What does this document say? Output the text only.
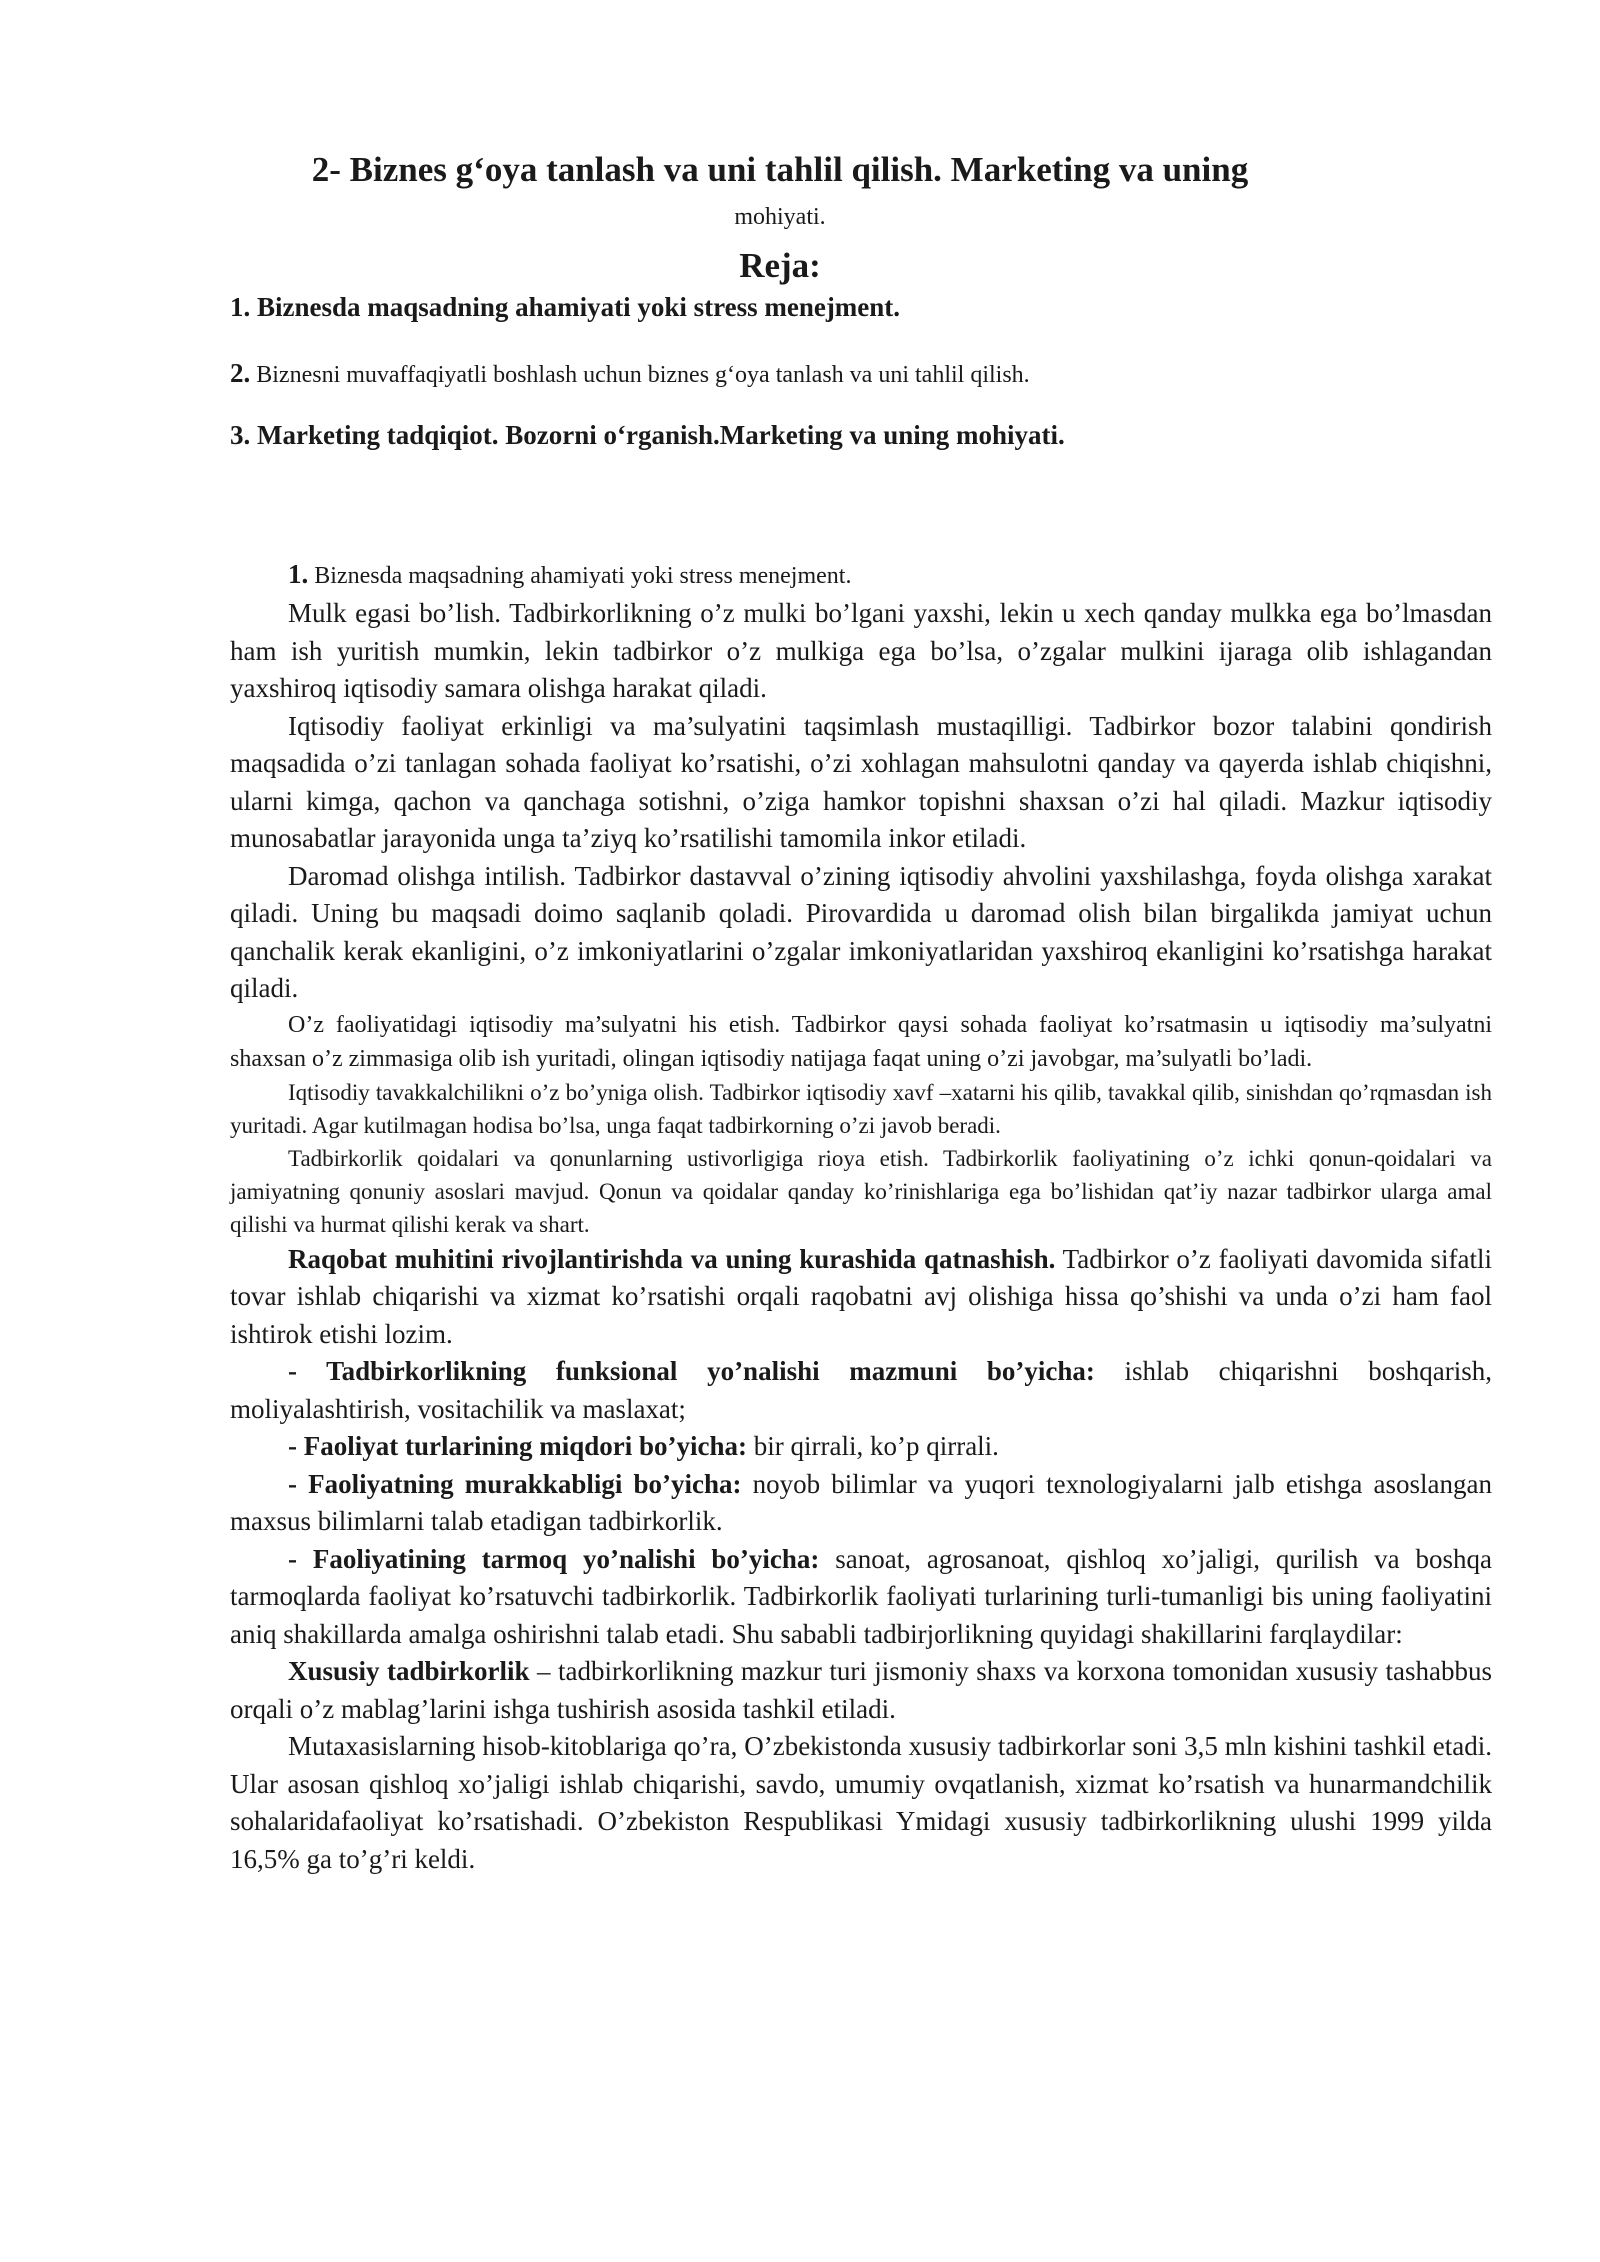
2- Biznes g‘oya tanlash va uni tahlil qilish. Marketing va uning
mohiyati.
Reja:
1. Biznesda maqsadning ahamiyati yoki stress menejment.
2. Biznesni muvaffaqiyatli boshlash uchun biznes g‘oya tanlash va uni tahlil qilish.
3. Marketing tadqiqiot. Bozorni o‘rganish.Marketing va uning mohiyati.

1. Biznesda maqsadning ahamiyati yoki stress menejment.

Mulk egasi bo’lish. Tadbirkorlikning o’z mulki bo’lgani yaxshi, lekin u xech qanday mulkka ega bo’lmasdan ham ish yuritish mumkin, lekin tadbirkor o’z mulkiga ega bo’lsa, o’zgalar mulkini ijaraga olib ishlagandan yaxshiroq iqtisodiy samara olishga harakat qiladi.

Iqtisodiy faoliyat erkinligi va ma’sulyatini taqsimlash mustaqilligi. Tadbirkor bozor talabini qondirish maqsadida o’zi tanlagan sohada faoliyat ko’rsatishi, o’zi xohlagan mahsulotni qanday va qayerda ishlab chiqishni, ularni kimga, qachon va qanchaga sotishni, o’ziga hamkor topishni shaxsan o’zi hal qiladi. Mazkur iqtisodiy munosabatlar jarayonida unga ta’ziyq ko’rsatilishi tamomila inkor etiladi.

Daromad olishga intilish. Tadbirkor dastavval o’zining iqtisodiy ahvolini yaxshilashga, foyda olishga xarakat qiladi. Uning bu maqsadi doimo saqlanib qoladi. Pirovardida u daromad olish bilan birgalikda jamiyat uchun qanchalik kerak ekanligini, o’z imkoniyatlarini o’zgalar imkoniyatlaridan yaxshiroq ekanligini ko’rsatishga harakat qiladi.

O’z faoliyatidagi iqtisodiy ma’sulyatni his etish. Tadbirkor qaysi sohada faoliyat ko’rsatmasin u iqtisodiy ma’sulyatni shaxsan o’z zimmasiga olib ish yuritadi, olingan iqtisodiy natijaga faqat uning o’zi javobgar, ma’sulyatli bo’ladi.

Iqtisodiy tavakkalchilikni o’z bo’yniga olish. Tadbirkor iqtisodiy xavf –xatarni his qilib, tavakkal qilib, sinishdan qo’rqmasdan ish yuritadi. Agar kutilmagan hodisa bo’lsa, unga faqat tadbirkorning o’zi javob beradi.

Tadbirkorlik qoidalari va qonunlarning ustivorligiga rioya etish. Tadbirkorlik faoliyatining o’z ichki qonun-qoidalari va jamiyatning qonuniy asoslari mavjud. Qonun va qoidalar qanday ko’rinishlariga ega bo’lishidan qat’iy nazar tadbirkor ularga amal qilishi va hurmat qilishi kerak va shart.

Raqobat muhitini rivojlantirishda va uning kurashida qatnashish. Tadbirkor o’z faoliyati davomida sifatli tovar ishlab chiqarishi va xizmat ko’rsatishi orqali raqobatni avj olishiga hissa qo’shishi va unda o’zi ham faol ishtirok etishi lozim.

- Tadbirkorlikning funksional yo’nalishi mazmuni bo’yicha: ishlab chiqarishni boshqarish, moliyalashtirish, vositachilik va maslaxat;

- Faoliyat turlarining miqdori bo’yicha: bir qirrali, ko’p qirrali.

- Faoliyatning murakkabligi bo’yicha: noyob bilimlar va yuqori texnologiyalarni jalb etishga asoslangan maxsus bilimlarni talab etadigan tadbirkorlik.

- Faoliyatining tarmoq yo’nalishi bo’yicha: sanoat, agrosanoat, qishloq xo’jaligi, qurilish va boshqa tarmoqlarda faoliyat ko’rsatuvchi tadbirkorlik. Tadbirkorlik faoliyati turlarining turli-tumanligi bis uning faoliyatini aniq shakillarda amalga oshirishni talab etadi. Shu sababli tadbirjorlikning quyidagi shakillarini farqlaydilar:

Xususiy tadbirkorlik – tadbirkorlikning mazkur turi jismoniy shaxs va korxona tomonidan xususiy tashabbus orqali o’z mablag’larini ishga tushirish asosida tashkil etiladi.

Mutaxasislarning hisob-kitoblariga qo’ra, O’zbekistonda xususiy tadbirkorlar soni 3,5 mln kishini tashkil etadi. Ular asosan qishloq xo’jaligi ishlab chiqarishi, savdo, umumiy ovqatlanish, xizmat ko’rsatish va hunarmandchilik sohalaridafaoliyat ko’rsatishadi. O’zbekiston Respublikasi Ymidagi xususiy tadbirkorlikning ulushi 1999 yilda 16,5% ga to’g’ri keldi.
